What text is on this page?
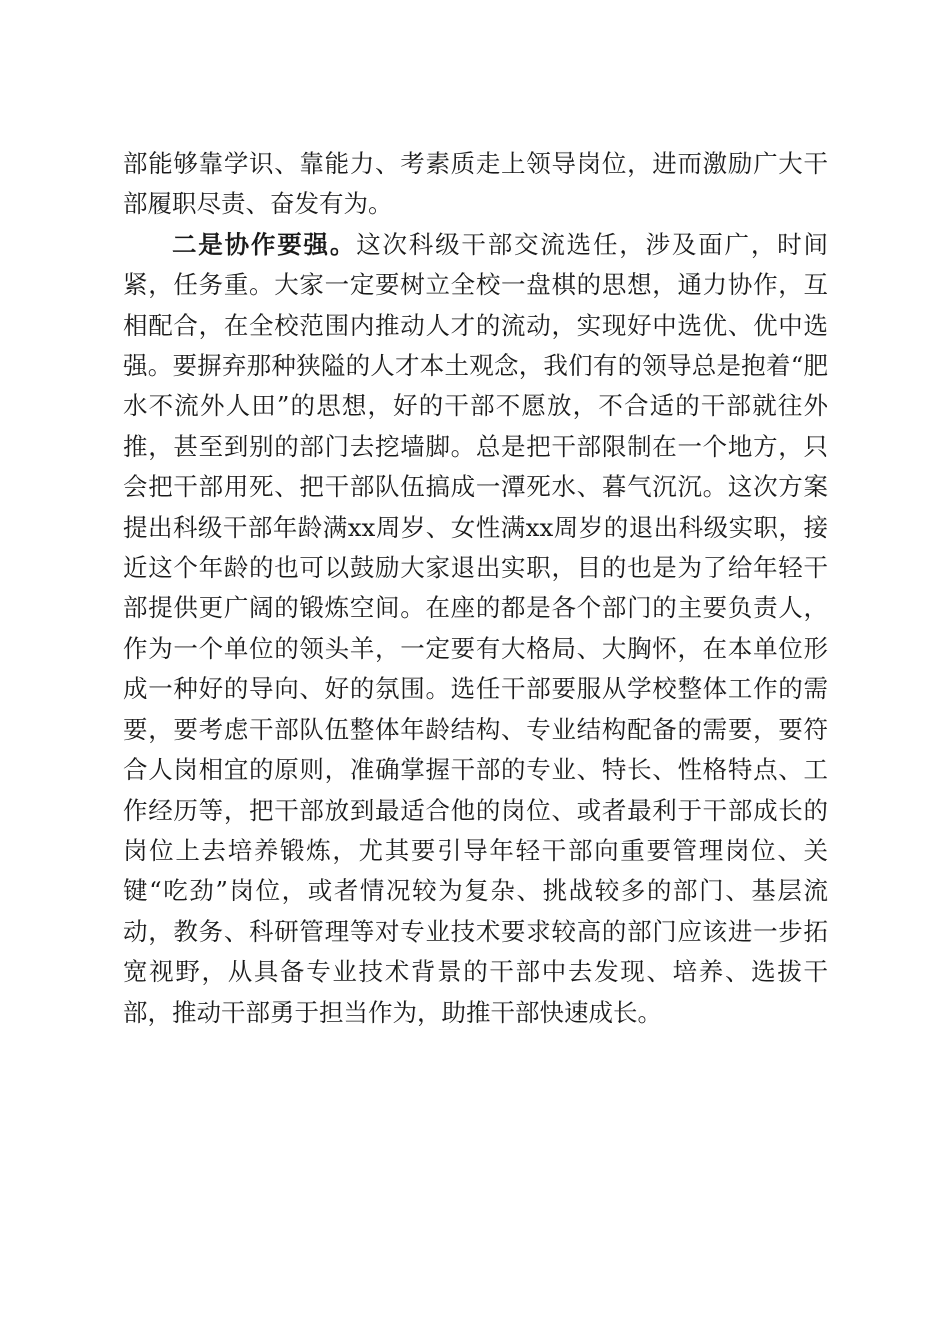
部能够靠学识、靠能力、考素质走上领导岗位，进而激励广大干部履职尽责、奋发有为。

二是协作要强。这次科级干部交流选任，涉及面广，时间紧，任务重。大家一定要树立全校一盘棋的思想，通力协作，互相配合，在全校范围内推动人才的流动，实现好中选优、优中选强。要摒弃那种狭隘的人才本土观念，我们有的领导总是抱着“肥水不流外人田”的思想，好的干部不愿放，不合适的干部就往外推，甚至到别的部门去挖墙脚。总是把干部限制在一个地方，只会把干部用死、把干部队伍搞成一潭死水、暮气沉沉。这次方案提出科级干部年龄满xx周岁、女性满xx周岁的退出科级实职，接近这个年龄的也可以鼓励大家退出实职，目的也是为了给年轻干部提供更广阔的锻炼空间。在座的都是各个部门的主要负责人，作为一个单位的领头羊，一定要有大格局、大胸怀，在本单位形成一种好的导向、好的氛围。选任干部要服从学校整体工作的需要，要考虑干部队伍整体年龄结构、专业结构配备的需要，要符合人岗相宜的原则，准确掌握干部的专业、特长、性格特点、工作经历等，把干部放到最适合他的岗位、或者最利于干部成长的岗位上去培养锻炼，尤其要引导年轻干部向重要管理岗位、关键“吃劲”岗位，或者情况较为复杂、挑战较多的部门、基层流动，教务、科研管理等对专业技术要求较高的部门应该进一步拓宽视野，从具备专业技术背景的干部中去发现、培养、选拔干部，推动干部勇于担当作为，助推干部快速成长。
